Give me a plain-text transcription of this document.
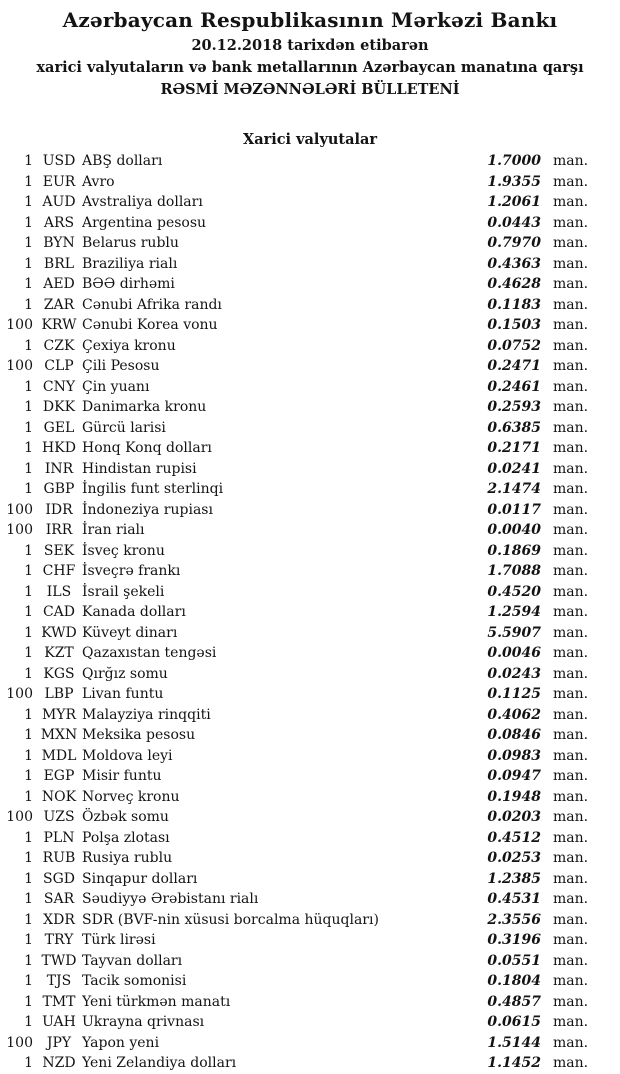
Azərbaycan Respublikasının Mərkəzi Bankı
20.12.2018 tarixdən etibarən
xarici valyutaların və bank metallarının Azərbaycan manatına qarşı
RƏSMİ MƏZƏNNƏLƏRİ BÜLLETENİ
Xarici valyutalar
1 USD ABŞ dolları	1.7000 man.
1 EUR Avro	1.9355 man.
1 AUD Avstraliya dolları	1.2061 man.
1 ARS Argentina pesosu	0.0443 man.
1 BYN Belarus rublu	0.7970 man.
1 BRL Braziliya rialı	0.4363 man.
1 AED BƏƏ dirhəmi	0.4628 man.
1 ZAR Cənubi Afrika randı	0.1183 man.
100 KRW Cənubi Korea vonu	0.1503 man.
1 CZK Çexiya kronu	0.0752 man.
100 CLP Çili Pesosu	0.2471 man.
1 CNY Çin yuanı	0.2461 man.
1 DKK Danimarka kronu	0.2593 man.
1 GEL Gürcü larisi	0.6385 man.
1 HKD Honq Konq dolları	0.2171 man.
1 INR Hindistan rupisi	0.0241 man.
1 GBP İngilis funt sterlinqi	2.1474 man.
100 IDR İndoneziya rupiası	0.0117 man.
100 IRR İran rialı	0.0040 man.
1 SEK İsveç kronu	0.1869 man.
1 CHF İsveçrə frankı	1.7088 man.
1 ILS İsrail şekeli	0.4520 man.
1 CAD Kanada dolları	1.2594 man.
1 KWD Küveyt dinarı	5.5907 man.
1 KZT Qazaxıstan tengəsi	0.0046 man.
1 KGS Qırğız somu	0.0243 man.
100 LBP Livan funtu	0.1125 man.
1 MYR Malayziya rinqqiti	0.4062 man.
1 MXN Meksika pesosu	0.0846 man.
1 MDL Moldova leyi	0.0983 man.
1 EGP Misir funtu	0.0947 man.
1 NOK Norveç kronu	0.1948 man.
100 UZS Özbək somu	0.0203 man.
1 PLN Polşa zlotası	0.4512 man.
1 RUB Rusiya rublu	0.0253 man.
1 SGD Sinqapur dolları	1.2385 man.
1 SAR Səudiyyə Ərəbistanı rialı	0.4531 man.
1 XDR SDR (BVF-nin xüsusi borcalma hüquqları)	2.3556 man.
1 TRY Türk lirəsi	0.3196 man.
1 TWD Tayvan dolları	0.0551 man.
1 TJS Tacik somonisi	0.1804 man.
1 TMT Yeni türkmən manatı	0.4857 man.
1 UAH Ukrayna qrivnası	0.0615 man.
100 JPY Yapon yeni	1.5144 man.
1 NZD Yeni Zelandiya dolları	1.1452 man.
